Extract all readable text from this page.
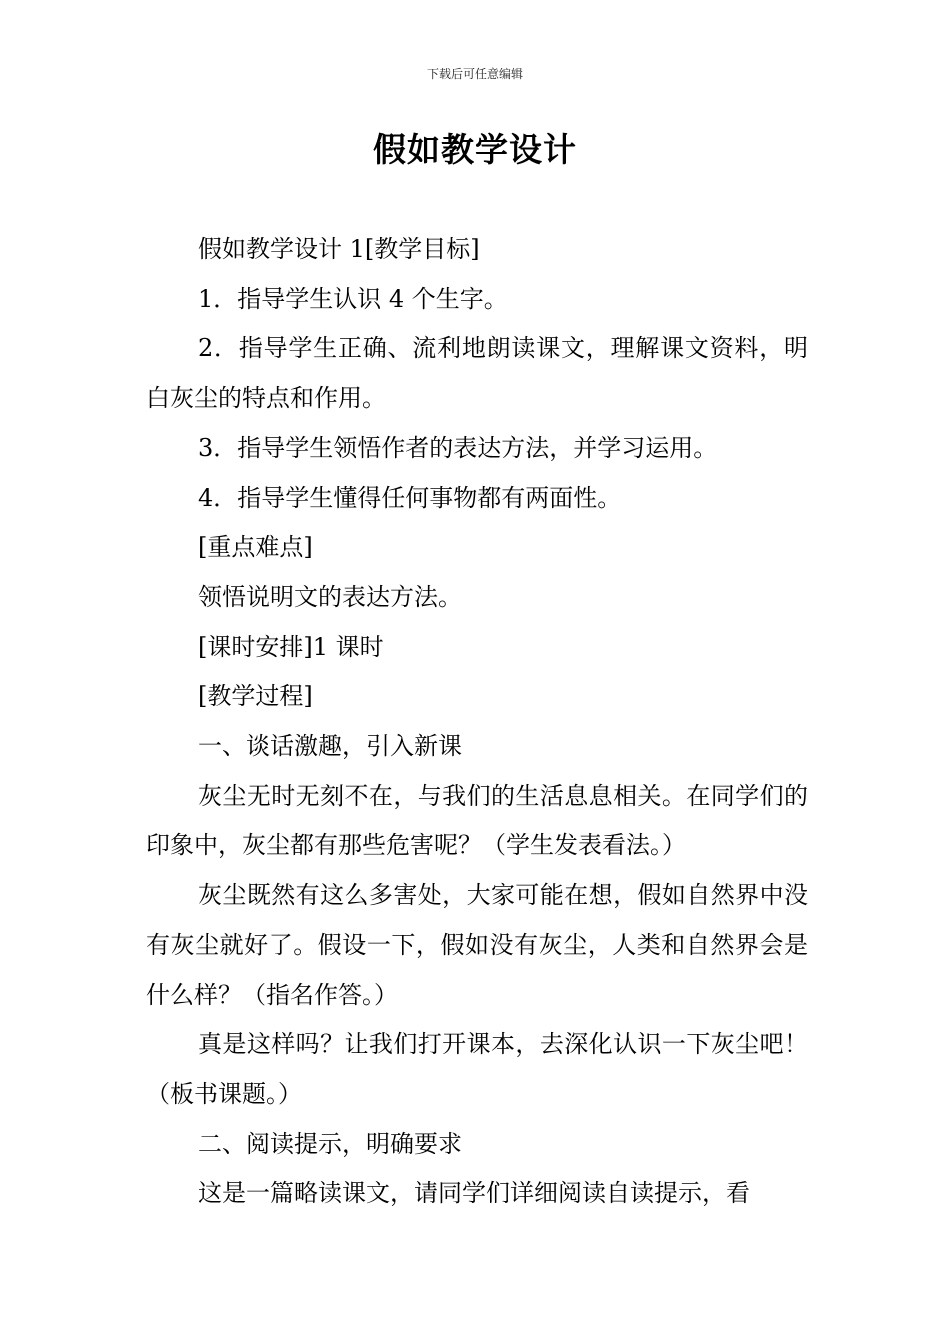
下载后可任意编辑
假如教学设计

假如教学设计 1[教学目标]

1．指导学生认识 4 个生字。

2．指导学生正确、流利地朗读课文，理解课文资料，明白灰尘的特点和作用。

3．指导学生领悟作者的表达方法，并学习运用。

4．指导学生懂得任何事物都有两面性。

[重点难点]

领悟说明文的表达方法。

[课时安排]1 课时

[教学过程]

一、谈话激趣，引入新课

灰尘无时无刻不在，与我们的生活息息相关。在同学们的印象中，灰尘都有那些危害呢？（学生发表看法。）

灰尘既然有这么多害处，大家可能在想，假如自然界中没有灰尘就好了。假设一下，假如没有灰尘，人类和自然界会是什么样？（指名作答。）

真是这样吗？让我们打开课本，去深化认识一下灰尘吧！（板书课题。）

二、阅读提示，明确要求

这是一篇略读课文，请同学们详细阅读自读提示，看
